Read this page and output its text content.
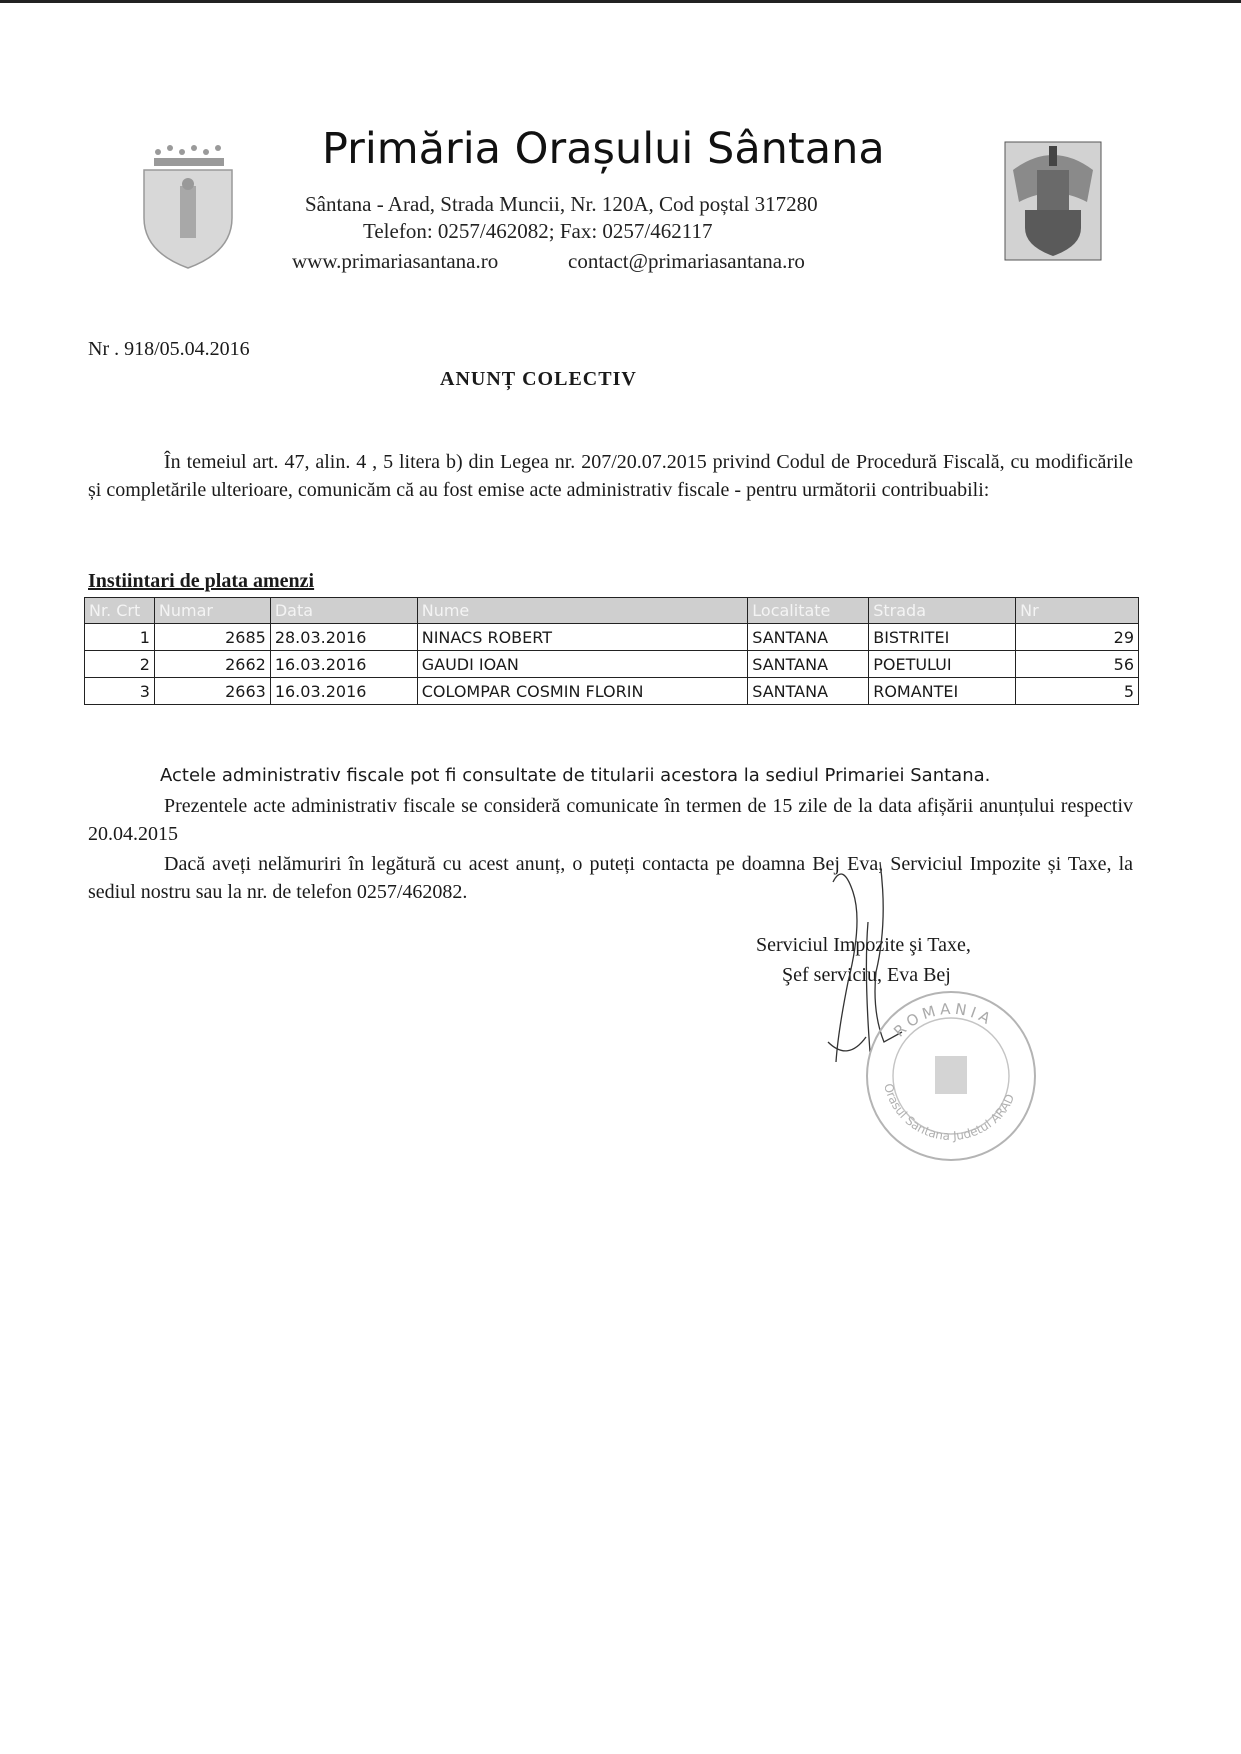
Primăria Orașului Sântana
Sântana - Arad, Strada Muncii, Nr. 120A, Cod poștal 317280
Telefon: 0257/462082; Fax: 0257/462117
www.primariasantana.ro	contact@primariasantana.ro
Nr . 918/05.04.2016
ANUNȚ COLECTIV
În temeiul art. 47, alin. 4 , 5 litera b) din Legea nr. 207/20.07.2015 privind Codul de Procedură Fiscală, cu modificările și completările ulterioare, comunicăm că au fost emise acte administrativ fiscale - pentru următorii contribuabili:
Instiintari de plata amenzi
Nr. Crt	Numar	Data	Nume	Localitate	Strada	Nr
1	2685	28.03.2016	NINACS ROBERT	SANTANA	BISTRITEI	29
2	2662	16.03.2016	GAUDI IOAN	SANTANA	POETULUI	56
3	2663	16.03.2016	COLOMPAR COSMIN FLORIN	SANTANA	ROMANTEI	5
Actele administrativ fiscale pot fi consultate de titularii acestora la sediul Primariei Santana.
Prezentele acte administrativ fiscale se consideră comunicate în termen de 15 zile de la data afișării anunțului respectiv 20.04.2015
Dacă aveți nelămuriri în legătură cu acest anunț, o puteți contacta pe doamna Bej Eva, Serviciul Impozite și Taxe, la sediul nostru sau la nr. de telefon 0257/462082.
Serviciul Impozite şi Taxe,
Şef serviciu, Eva Bej
ROMANIA
Orasul Santana Judetul ARAD
